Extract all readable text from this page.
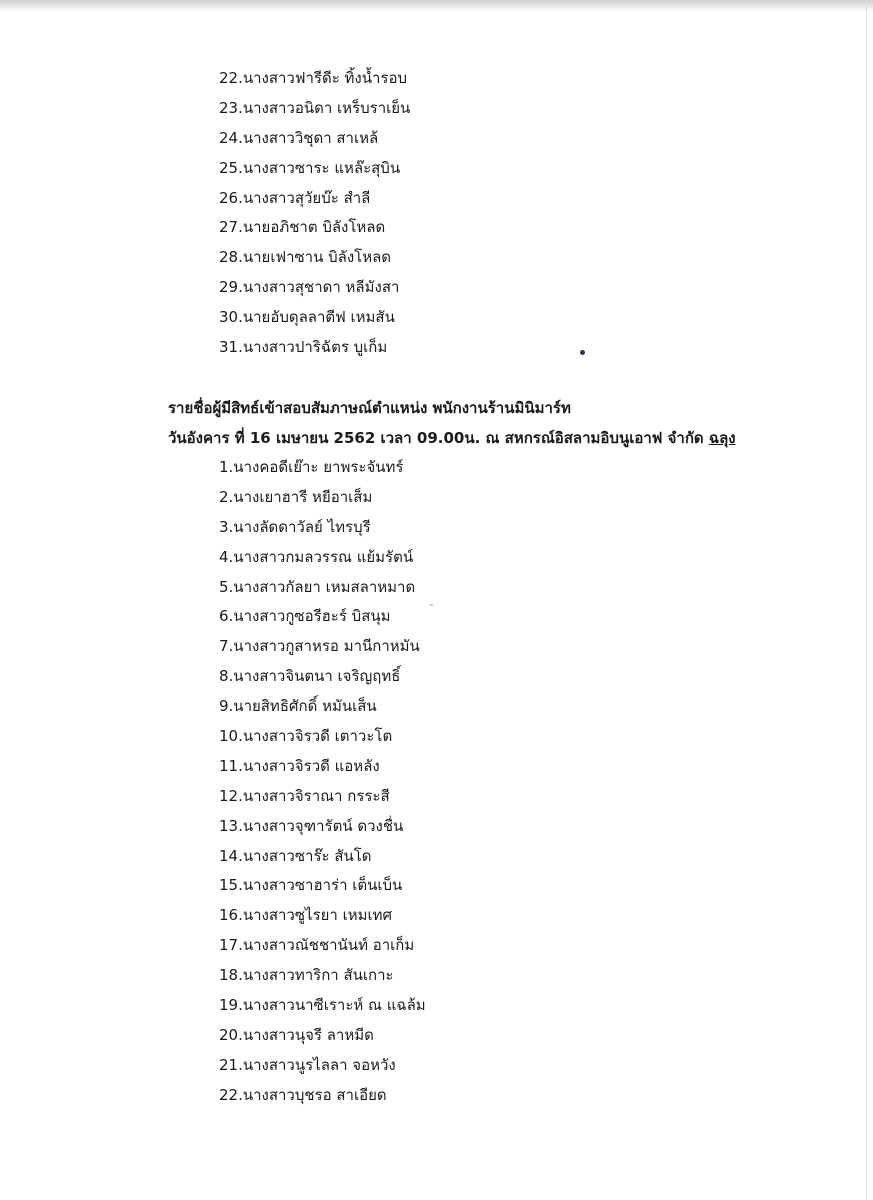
22.นางสาวฟารีดีะ ทิ้งน้ำรอบ
23.นางสาวอนิดา เหร็บราเย็น
24.นางสาววิชุดา สาเหล้
25.นางสาวซาระ แหล๊ะสุบิน
26.นางสาวสุวัยบ๊ะ สำลี
27.นายอภิชาต บิลังโหลด
28.นายเฟาซาน บิลังโหลด
29.นางสาวสุชาดา หลีมังสา
30.นายอับดุลลาตีฟ เหมสัน
31.นางสาวปาริฉัตร บูเก็ม
รายชื่อผู้มีสิทธ์เข้าสอบสัมภาษณ์ตำแหน่ง พนักงานร้านมินิมาร์ท
วันอังคาร ที่ 16 เมษายน 2562 เวลา 09.00น. ณ สหกรณ์อิสลามอิบนูเอาฟ จำกัด ฉลุง
1.นางคอดีเย๊าะ ยาพระจันทร์
2.นางเยาฮารี หยีอาเส็ม
3.นางลัดดาวัลย์ ไทรบุรี
4.นางสาวกมลวรรณ แย้มรัตน์
5.นางสาวกัลยา เหมสลาหมาด
6.นางสาวกูซอรีฮะร์ บิสนุม
7.นางสาวกูสาหรอ มานีกาหมัน
8.นางสาวจินตนา เจริญฤทธิ์
9.นายสิทธิศักดิ์ หมันเส็น
10.นางสาวจิรวดี เตาวะโต
11.นางสาวจิรวดี แอหลัง
12.นางสาวจิราณา กรระสี
13.นางสาวจุฑารัตน์ ดวงชื่น
14.นางสาวซาร๊ะ สันโด
15.นางสาวซาฮาร่า เต็นเบ็น
16.นางสาวซูไรยา เหมเทศ
17.นางสาวณัชชานันท์ อาเก็ม
18.นางสาวทาริกา สันเกาะ
19.นางสาวนาซีเราะห์ ณ แฉล้ม
20.นางสาวนุจรี ลาหมีด
21.นางสาวนูรไลลา จอหวัง
22.นางสาวบุชรอ สาเอียด
